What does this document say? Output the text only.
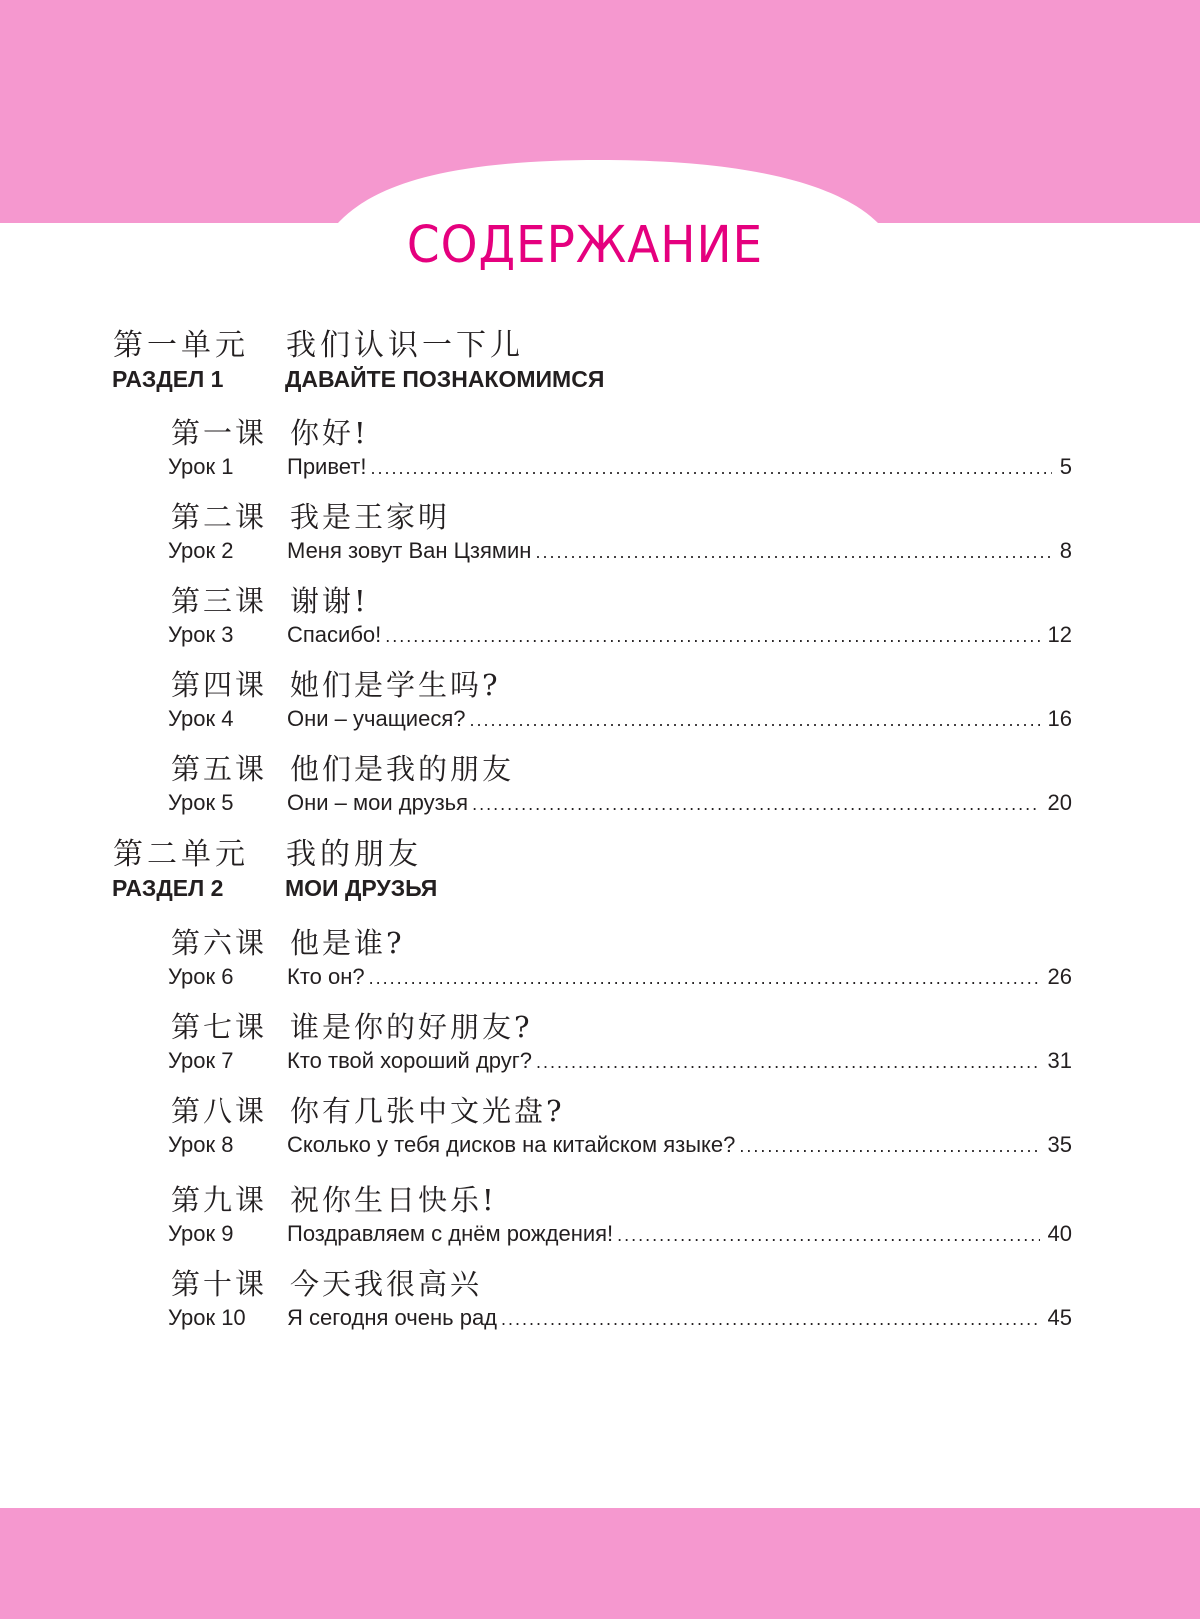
СОДЕРЖАНИЕ
第一单元 我们认识一下儿
РАЗДЕЛ 1	ДАВАЙТЕ ПОЗНАКОМИМСЯ
第一课 你好!
Урок 1 Привет! .....	5
第二课 我是王家明
Урок 2 Меня зовут Ван Цзямин .....	8
第三课 谢谢!
Урок 3 Спасибо! .....	12
第四课 她们是学生吗?
Урок 4 Они – учащиеся? .....	16
第五课 他们是我的朋友
Урок 5 Они – мои друзья .....	20
第二单元 我的朋友
РАЗДЕЛ 2	МОИ ДРУЗЬЯ
第六课 他是谁?
Урок 6 Кто он? .....	26
第七课 谁是你的好朋友?
Урок 7 Кто твой хороший друг? .....	31
第八课 你有几张中文光盘?
Урок 8 Сколько у тебя дисков на китайском языке? .....	35
第九课 祝你生日快乐!
Урок 9 Поздравляем с днём рождения! .....	40
第十课 今天我很高兴
Урок 10 Я сегодня очень рад .....	45
